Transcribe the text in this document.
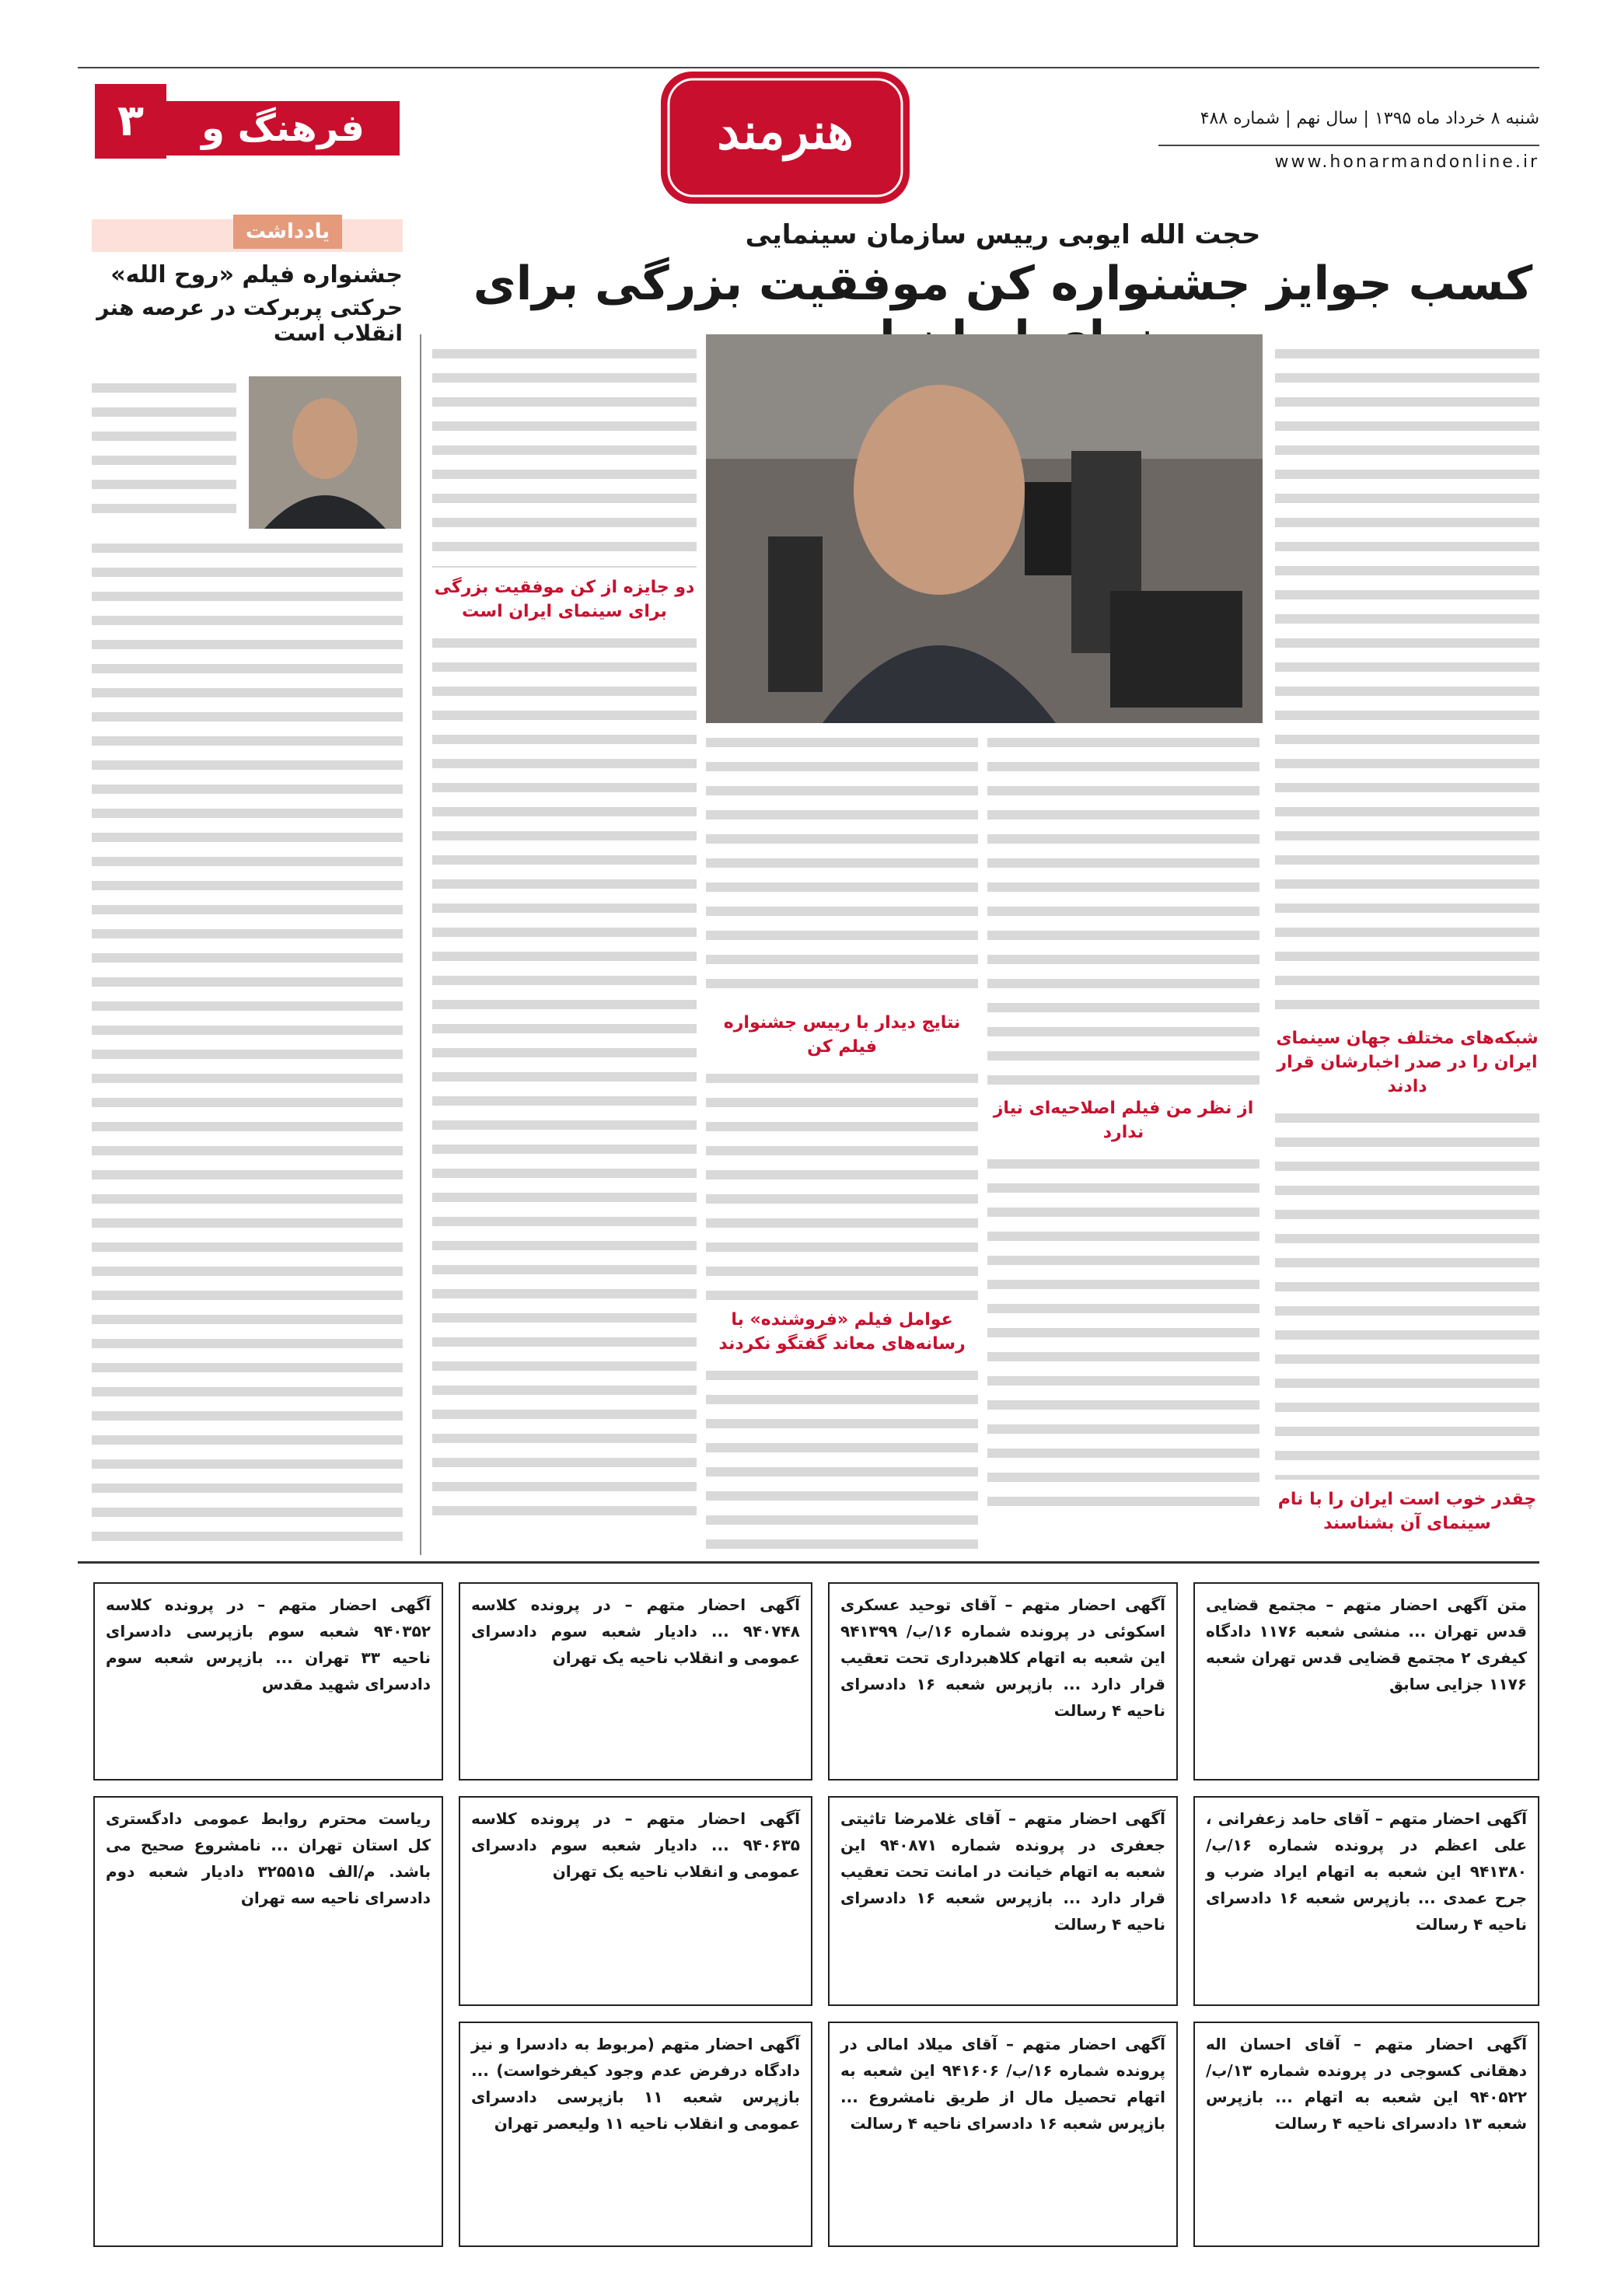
۳	فرهنگ و هنر
هنرمند	شنبه ۸ خرداد ماه ۱۳۹۵ | سال نهم | شماره ۴۸۸
www.honarmandonline.ir
حجت الله ایوبی رییس سازمان سینمایی
کسب جوایز جشنواره کن موفقیت بزرگی برای
شبکه‌های مختلف جهان سینمای ایران را در صدر اخبارشان قرار دادند
چقدر خوب است ایران را با نام سینمای آن بشناسند
از نظر من فیلم اصلاحیه‌ای نیاز ندارد
نتایج دیدار با رییس جشنواره فیلم کن
عوامل فیلم «فروشنده» با رسانه‌های معاند گفتگو نکردند
دو جایزه از کن موفقیت بزرگی برای سینمای ایران است
یادداشت
جشنواره فیلم «روح الله»
حرکتی پربرکت در عرصه هنر انقلاب است
متن آگهی احضار متهم – مجتمع قضایی قدس تهران ... منشی شعبه ۱۱۷۶ دادگاه کیفری ۲ مجتمع قضایی قدس تهران شعبه ۱۱۷۶ جزایی سابق
آگهی احضار متهم – آقای توحید عسکری اسکوئی در پرونده شماره ۱۶/ب/ ۹۴۱۳۹۹ این شعبه به اتهام کلاهبرداری تحت تعقیب قرار دارد ... بازپرس شعبه ۱۶ دادسرای ناحیه ۴ رسالت
آگهی احضار متهم – در پرونده کلاسه ۹۴۰۷۴۸ ... دادیار شعبه سوم دادسرای عمومی و انقلاب ناحیه یک تهران
آگهی احضار متهم – در پرونده کلاسه ۹۴۰۳۵۲ شعبه سوم بازپرسی دادسرای ناحیه ۳۳ تهران ... بازپرس شعبه سوم دادسرای شهید مقدس
آگهی احضار متهم – آقای حامد زعفرانی ، علی اعظم در پرونده شماره ۱۶/ب/ ۹۴۱۳۸۰ این شعبه به اتهام ایراد ضرب و جرح عمدی ... بازپرس شعبه ۱۶ دادسرای ناحیه ۴ رسالت
آگهی احضار متهم – آقای غلامرضا تاثیتی جعفری در پرونده شماره ۹۴۰۸۷۱ این شعبه به اتهام خیانت در امانت تحت تعقیب قرار دارد ... بازپرس شعبه ۱۶ دادسرای ناحیه ۴ رسالت
آگهی احضار متهم – در پرونده کلاسه ۹۴۰۶۳۵ ... دادیار شعبه سوم دادسرای عمومی و انقلاب ناحیه یک تهران
ریاست محترم روابط عمومی دادگستری کل استان تهران ... نامشروع صحیح می باشد. م/الف ۳۲۵۵۱۵ دادیار شعبه دوم دادسرای ناحیه سه تهران
آگهی احضار متهم – آقای احسان اله دهقانی کسوجی در پرونده شماره ۱۳/ب/ ۹۴۰۵۲۲ این شعبه به اتهام ... بازپرس شعبه ۱۳ دادسرای ناحیه ۴ رسالت
آگهی احضار متهم – آقای میلاد امالی در پرونده شماره ۱۶/ب/ ۹۴۱۶۰۶ این شعبه به اتهام تحصیل مال از طریق نامشروع ... بازپرس شعبه ۱۶ دادسرای ناحیه ۴ رسالت
آگهی احضار متهم (مربوط به دادسرا و نیز دادگاه درفرض عدم وجود کیفرخواست) ... بازپرس شعبه ۱۱ بازپرسی دادسرای عمومی و انقلاب ناحیه ۱۱ ولیعصر تهران
